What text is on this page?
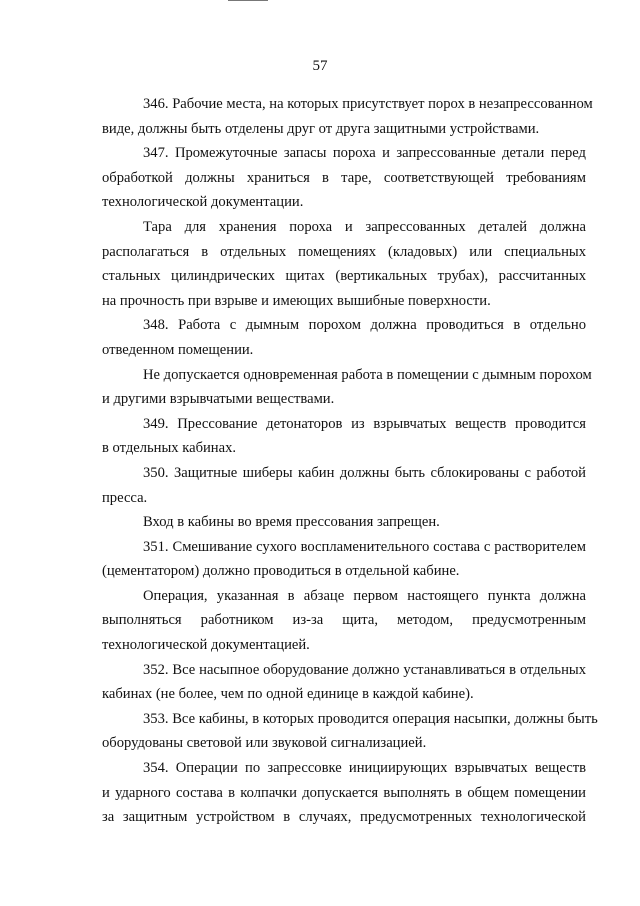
57
346. Рабочие места, на которых присутствует порох в незапрессованном
виде, должны быть отделены друг от друга защитными устройствами.
347. Промежуточные запасы пороха и запрессованные детали перед
обработкой должны храниться в таре, соответствующей требованиям
технологической документации.
Тара для хранения пороха и запрессованных деталей должна
располагаться в отдельных помещениях (кладовых) или специальных
стальных цилиндрических щитах (вертикальных трубах), рассчитанных
на прочность при взрыве и имеющих вышибные поверхности.
348. Работа с дымным порохом должна проводиться в отдельно
отведенном помещении.
Не допускается одновременная работа в помещении с дымным порохом
и другими взрывчатыми веществами.
349. Прессование детонаторов из взрывчатых веществ проводится
в отдельных кабинах.
350. Защитные шиберы кабин должны быть сблокированы с работой
пресса.
Вход в кабины во время прессования запрещен.
351. Смешивание сухого воспламенительного состава с растворителем
(цементатором) должно проводиться в отдельной кабине.
Операция, указанная в абзаце первом настоящего пункта должна
выполняться работником из-за щита, методом, предусмотренным
технологической документацией.
352. Все насыпное оборудование должно устанавливаться в отдельных
кабинах (не более, чем по одной единице в каждой кабине).
353. Все кабины, в которых проводится операция насыпки, должны быть
оборудованы световой или звуковой сигнализацией.
354. Операции по запрессовке инициирующих взрывчатых веществ
и ударного состава в колпачки допускается выполнять в общем помещении
за защитным устройством в случаях, предусмотренных технологической
